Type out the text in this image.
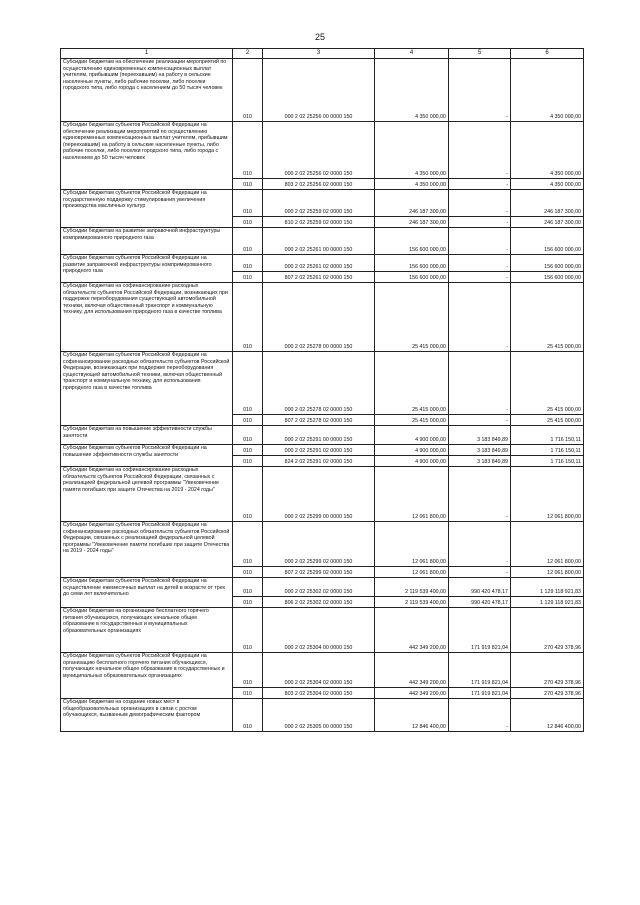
25
1	2	3	4	5	6
Субсидии бюджетам на обеспечение реализации мероприятий по осуществлению единовременных компенсационных выплат учителям, прибывшим (переехавшим) на работу в сельские населенные пункты, либо рабочие поселки, либо поселки городского типа, либо города с населением до 50 тысяч человек	010	000 2 02 25256 00 0000 150	4 350 000,00	-	4 350 000,00
Субсидии бюджетам субъектов Российской Федерации на обеспечение реализации мероприятий по осуществлению единовременных компенсационных выплат учителям, прибывшим (переехавшим) на работу в сельские населенные пункты, либо рабочие поселки, либо поселки городского типа, либо города с населением до 50 тысяч человек	010	000 2 02 25256 02 0000 150	4 350 000,00	-	4 350 000,00
	010	803 2 02 25256 02 0000 150	4 350 000,00	-	4 350 000,00
Субсидии бюджетам субъектов Российской Федерации на государственную поддержку стимулирования увеличения производства масличных культур	010	000 2 02 25259 02 0000 150	246 187 300,00	-	246 187 300,00
	010	810 2 02 25259 02 0000 150	246 187 300,00	-	246 187 300,00
Субсидии бюджетам на развитие заправочной инфраструктуры компримированного природного газа	010	000 2 02 25261 00 0000 150	156 600 000,00	-	156 600 000,00
Субсидии бюджетам субъектов Российской Федерации на развитие заправочной инфраструктуры компримированного природного газа	010	000 2 02 25261 02 0000 150	156 600 000,00	-	156 600 000,00
	010	807 2 02 25261 02 0000 150	156 600 000,00	-	156 600 000,00
Субсидии бюджетам на софинансирование расходных обязательств субъектов Российской Федерации, возникающих при поддержке переоборудования существующей автомобильной техники, включая общественный транспорт и коммунальную технику, для использования природного газа в качестве топлива	010	000 2 02 25278 00 0000 150	25 415 000,00	-	25 415 000,00
Субсидии бюджетам субъектов Российской Федерации на софинансирование расходных обязательств субъектов Российской Федерации, возникающих при поддержке переоборудования существующей автомобильной техники, включая общественный транспорт и коммунальную технику, для использования природного газа в качестве топлива	010	000 2 02 25278 02 0000 150	25 415 000,00	-	25 415 000,00
	010	807 2 02 25278 02 0000 150	25 415 000,00	-	25 415 000,00
Субсидии бюджетам на повышение эффективности службы занятости	010	000 2 02 25291 00 0000 150	4 900 000,00	3 183 849,89	1 716 150,11
Субсидии бюджетам субъектов Российской Федерации на повышение эффективности службы занятости	010	000 2 02 25291 02 0000 150	4 900 000,00	3 183 849,89	1 716 150,11
	010	824 2 02 25291 02 0000 150	4 900 000,00	3 183 849,89	1 716 150,11
Субсидии бюджетам на софинансирование расходных обязательств субъектов Российской Федерации, связанных с реализацией федеральной целевой программы "Увековечение памяти погибших при защите Отечества на 2019 - 2024 годы"	010	000 2 02 25299 00 0000 150	12 061 800,00	-	12 061 800,00
Субсидии бюджетам субъектов Российской Федерации на софинансирование расходных обязательств субъектов Российской Федерации, связанных с реализацией федеральной целевой программы "Увековечение памяти погибших при защите Отечества на 2019 - 2024 годы"	010	000 2 02 25299 02 0000 150	12 061 800,00	-	12 061 800,00
	010	807 2 02 25299 02 0000 150	12 061 800,00	-	12 061 800,00
Субсидии бюджетам субъектов Российской Федерации на осуществление ежемесячных выплат на детей в возрасте от трех до семи лет включительно	010	000 2 02 25302 02 0000 150	2 119 539 400,00	990 420 478,17	1 129 118 921,83
	010	806 2 02 25302 02 0000 150	2 119 539 400,00	990 420 478,17	1 129 118 921,83
Субсидии бюджетам на организацию бесплатного горячего питания обучающихся, получающих начальное общее образование в государственных и муниципальных образовательных организациях	010	000 2 02 25304 00 0000 150	442 349 200,00	171 919 821,04	270 429 378,96
Субсидии бюджетам субъектов Российской Федерации на организацию бесплатного горячего питания обучающихся, получающих начальное общее образование в государственных и муниципальных образовательных организациях	010	000 2 02 25304 02 0000 150	442 349 200,00	171 919 821,04	270 429 378,96
	010	803 2 02 25304 02 0000 150	442 349 200,00	171 919 821,04	270 429 378,96
Субсидии бюджетам на создание новых мест в общеобразовательных организациях в связи с ростом обучающихся, вызванным демографическим фактором	010	000 2 02 25305 00 0000 150	12 846 400,00	-	12 846 400,00
